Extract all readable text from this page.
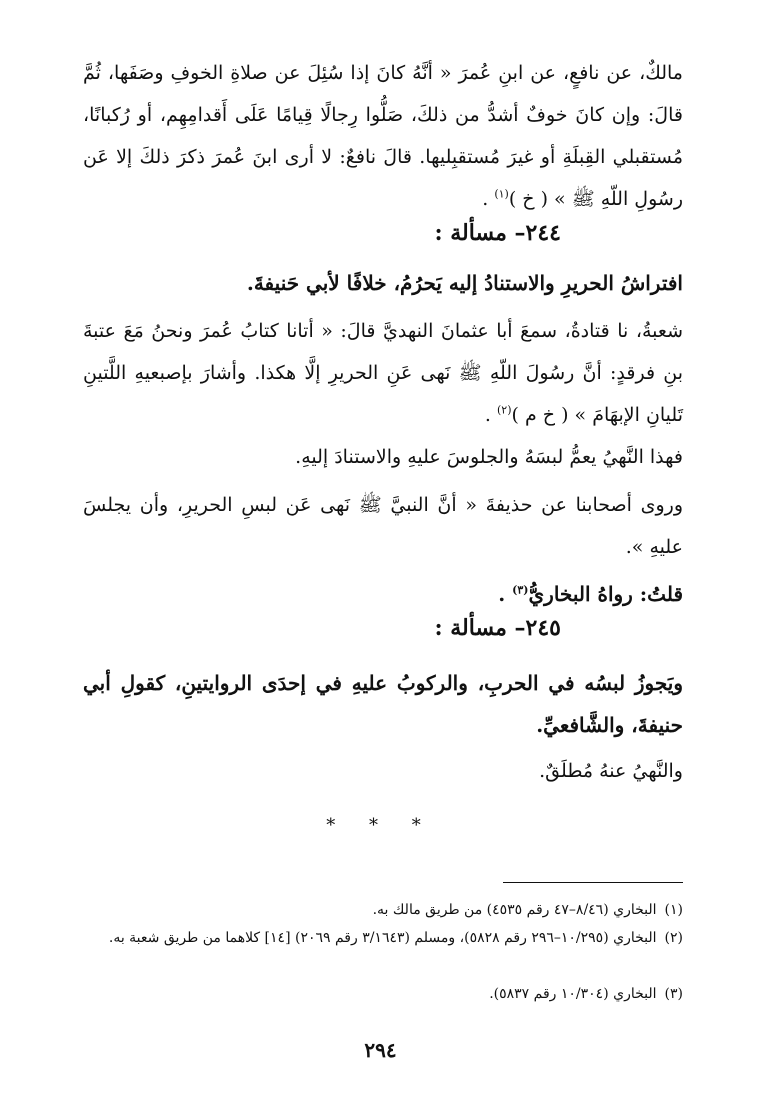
مالكٌ، عن نافعٍ، عن ابنِ عُمرَ « أنَّهُ كانَ إذا سُئِلَ عن صلاةِ الخوفِ وصَفَها، ثُمَّ قالَ: وإن كانَ خوفٌ أشدُّ من ذلكَ، صَلُّوا رِجالًا قِيامًا عَلَى أَقدامِهِم، أو رُكبانًا، مُستقبلي القِبلَةِ أو غيرَ مُستقبِليها. قالَ نافعٌ: لا أرى ابنَ عُمرَ ذكرَ ذلكَ إلا عَن رسُولِ اللّهِ ﷺ » ( خ )$^{(١)}$ .
٢٤٤– مسألة :
افتراشُ الحريرِ والاستنادُ إليه يَحرُمُ، خلافًا لأبي حَنيفةَ.
شعبةُ، نا قتادةُ، سمعَ أبا عثمانَ النهديَّ قالَ: « أتانا كتابُ عُمرَ ونحنُ مَعَ عتبةَ بنِ فرقدٍ: أنَّ رسُولَ اللّهِ ﷺ نَهى عَنِ الحريرِ إلَّا هكذا. وأشارَ بإصبعيهِ اللَّتينِ تَليانِ الإبهَامَ » ( خ م )$^{(٢)}$ .
فهذا النَّهيُ يعمُّ لبسَهُ والجلوسَ عليهِ والاستنادَ إليهِ.
وروى أصحابنا عن حذيفةَ « أنَّ النبيَّ ﷺ نَهى عَن لبسِ الحريرِ، وأن يجلسَ عليهِ ».
قلتُ: رواهُ البخاريُّ$^{(٣)}$ .
٢٤٥– مسألة :
ويَجوزُ لبسُه في الحربِ، والركوبُ عليهِ في إحدَى الروايتينِ، كقولِ أبي حنيفةَ، والشَّافعيِّ.
والنَّهيُ عنهُ مُطلَقٌ.
* * *
(١)البخاري (٨/٤٦–٤٧ رقم ٤٥٣٥) من طريق مالك به.
(٢)البخاري (١٠/٢٩٥–٢٩٦ رقم ٥٨٢٨)، ومسلم (٣/١٦٤٣ رقم ٢٠٦٩) [١٤] كلاهما من طريق شعبة به.
(٣)البخاري (١٠/٣٠٤ رقم ٥٨٣٧).
٢٩٤
